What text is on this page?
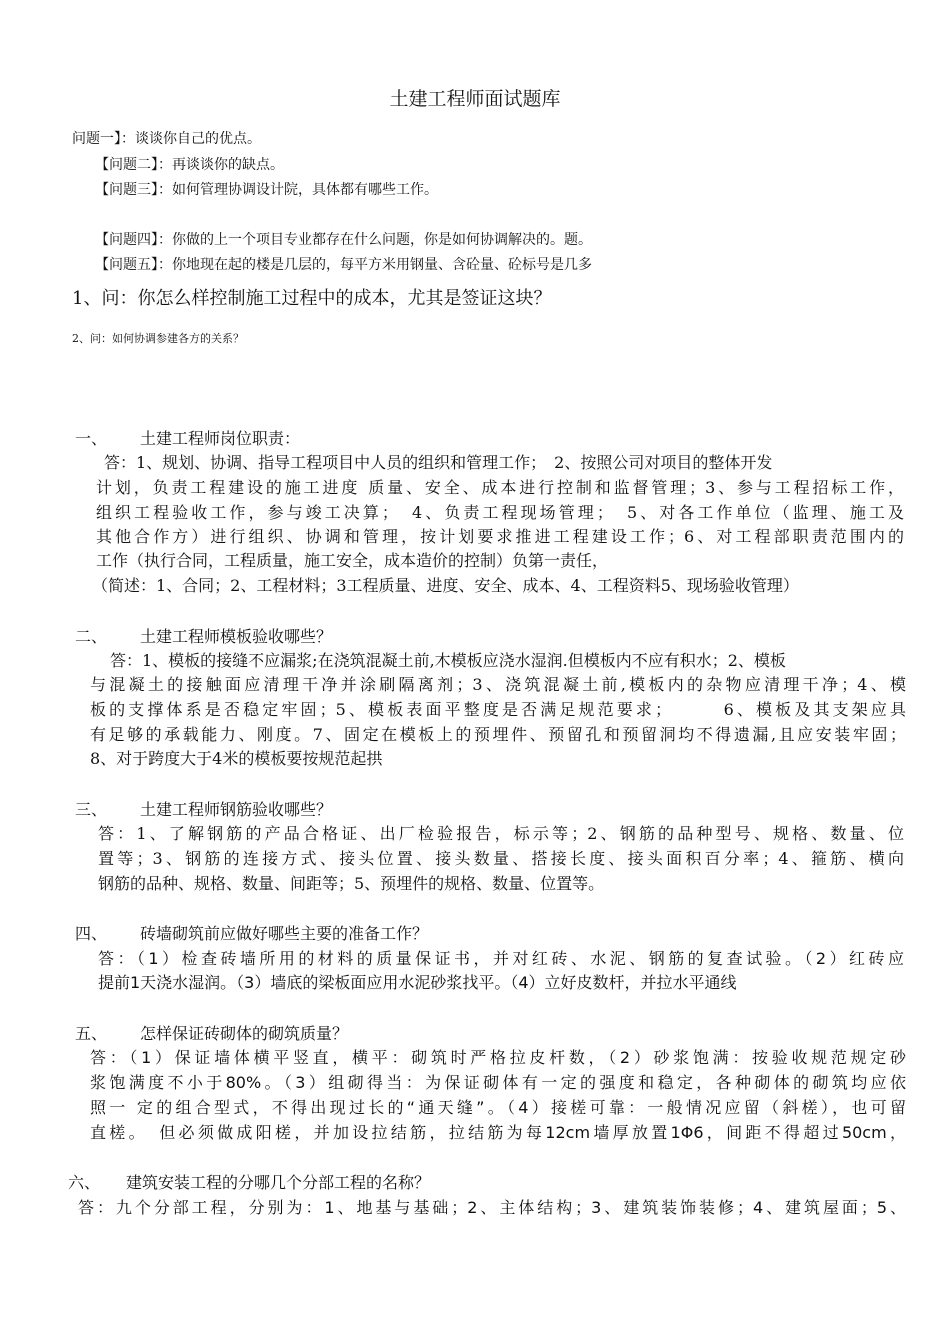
土建工程师面试题库
问题一】：谈谈你自己的优点。
【问题二】：再谈谈你的缺点。
【问题三】：如何管理协调设计院，具体都有哪些工作。
【问题四】：你做的上一个项目专业都存在什么问题，你是如何协调解决的。题。
【问题五】：你地现在起的楼是几层的，每平方米用钢量、含砼量、砼标号是几多
1、问：你怎么样控制施工过程中的成本，尤其是签证这块？
2、问：如何协调参建各方的关系？
一、 土建工程师岗位职责：
答：1、规划、协调、指导工程项目中人员的组织和管理工作；　2、按照公司对项目的整体开发
计划，负责工程建设的施工进度 质量、安全、成本进行控制和监督管理；3、参与工程招标工作，
组织工程验收工作，参与竣工决算；　4、负责工程现场管理；　5、对各工作单位（监理、施工及
其他合作方）进行组织、协调和管理，按计划要求推进工程建设工作；6、对工程部职责范围内的
工作（执行合同，工程质量，施工安全，成本造价的控制）负第一责任，
（简述：1、合同；2、工程材料；3工程质量、进度、安全、成本、4、工程资料5、现场验收管理）
二、 土建工程师模板验收哪些？
答：1、模板的接缝不应漏浆;在浇筑混凝土前,木模板应浇水湿润.但模板内不应有积水；2、模板
与混凝土的接触面应清理干净并涂刷隔离剂；3、浇筑混凝土前,模板内的杂物应清理干净；4、模
板的支撑体系是否稳定牢固；5、模板表面平整度是否满足规范要求；　　　6、模板及其支架应具
有足够的承载能力、刚度。7、固定在模板上的预埋件、预留孔和预留洞均不得遗漏,且应安装牢固；
8、对于跨度大于4米的模板要按规范起拱
三、 土建工程师钢筋验收哪些？
答：1、了解钢筋的产品合格证、出厂检验报告，标示等；2、钢筋的品种型号、规格、数量、位
置等；3、钢筋的连接方式、接头位置、接头数量、搭接长度、接头面积百分率；4、箍筋、横向
钢筋的品种、规格、数量、间距等；5、预埋件的规格、数量、位置等。
四、 砖墙砌筑前应做好哪些主要的准备工作？
答：（1）检查砖墙所用的材料的质量保证书，并对红砖、水泥、钢筋的复查试验。（2）红砖应
提前1天浇水湿润。（3）墙底的梁板面应用水泥砂浆找平。（4）立好皮数杆，并拉水平通线
五、 怎样保证砖砌体的砌筑质量？
答：（1）保证墙体横平竖直，横平：砌筑时严格拉皮杆数，（2）砂浆饱满：按验收规范规定砂
浆饱满度不小于80%。（3）组砌得当：为保证砌体有一定的强度和稳定，各种砌体的砌筑均应依
照一 定的组合型式，不得出现过长的“通天缝”。（4）接槎可靠：一般情况应留（斜槎），也可留
直槎。　但必须做成阳槎，并加设拉结筋，拉结筋为每12cm墙厚放置1Φ6，间距不得超过50cm，
六、 建筑安装工程的分哪几个分部工程的名称？
答：九个分部工程，分别为：1、地基与基础；2、主体结构；3、建筑装饰装修；4、建筑屋面；5、
